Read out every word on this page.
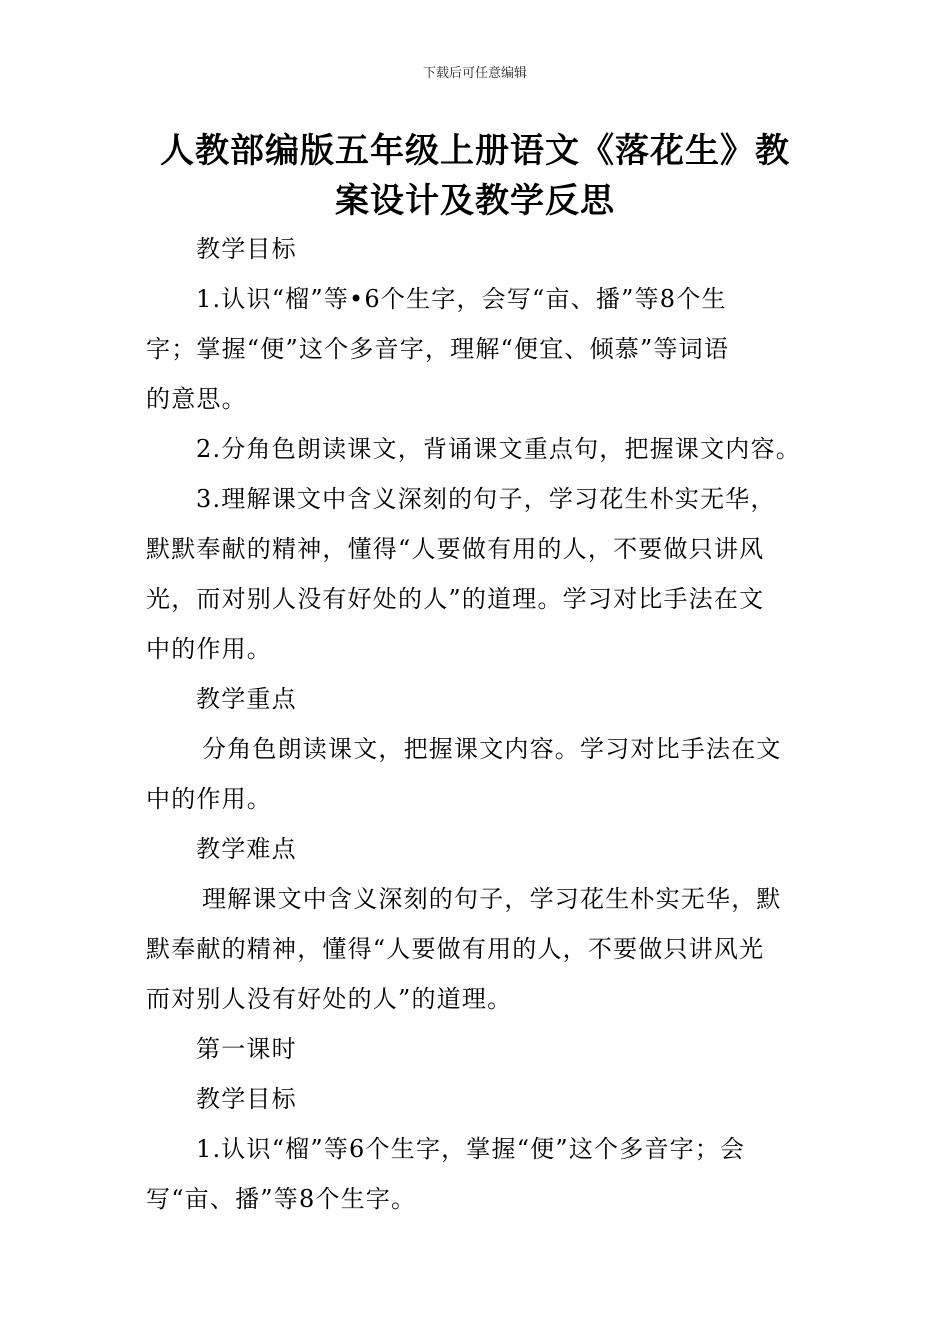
下载后可任意编辑
人教部编版五年级上册语文《落花生》教
案设计及教学反思

教学目标

1.认识“榴”等•6个生字，会写“亩、播”等8个生
字；掌握“便”这个多音字，理解“便宜、倾慕”等词语
的意思。

2.分角色朗读课文，背诵课文重点句，把握课文内容。

3.理解课文中含义深刻的句子，学习花生朴实无华，
默默奉献的精神，懂得“人要做有用的人，不要做只讲风
光，而对别人没有好处的人”的道理。学习对比手法在文
中的作用。

教学重点

分角色朗读课文，把握课文内容。学习对比手法在文
中的作用。

教学难点

理解课文中含义深刻的句子，学习花生朴实无华，默
默奉献的精神，懂得“人要做有用的人，不要做只讲风光
而对别人没有好处的人”的道理。

第一课时

教学目标

1.认识“榴”等6个生字，掌握“便”这个多音字；会
写“亩、播”等8个生字。
